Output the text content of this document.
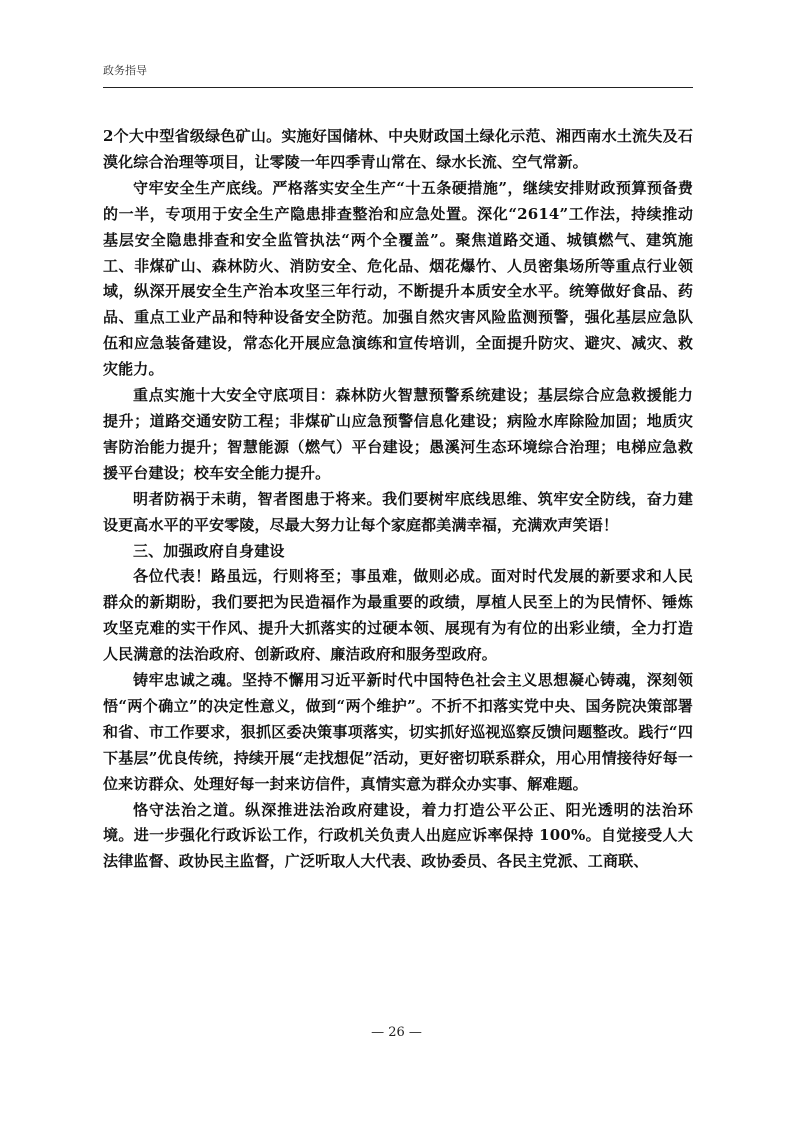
政务指导

2个大中型省级绿色矿山。实施好国储林、中央财政国土绿化示范、湘西南水土流失及石漠化综合治理等项目，让零陵一年四季青山常在、绿水长流、空气常新。

守牢安全生产底线。严格落实安全生产“十五条硬措施”，继续安排财政预算预备费的一半，专项用于安全生产隐患排查整治和应急处置。深化“2614”工作法，持续推动基层安全隐患排查和安全监管执法“两个全覆盖”。聚焦道路交通、城镇燃气、建筑施工、非煤矿山、森林防火、消防安全、危化品、烟花爆竹、人员密集场所等重点行业领域，纵深开展安全生产治本攻坚三年行动，不断提升本质安全水平。统筹做好食品、药品、重点工业产品和特种设备安全防范。加强自然灾害风险监测预警，强化基层应急队伍和应急装备建设，常态化开展应急演练和宣传培训，全面提升防灾、避灾、减灾、救灾能力。

重点实施十大安全守底项目：森林防火智慧预警系统建设；基层综合应急救援能力提升；道路交通安防工程；非煤矿山应急预警信息化建设；病险水库除险加固；地质灾害防治能力提升；智慧能源（燃气）平台建设；愚溪河生态环境综合治理；电梯应急救援平台建设；校车安全能力提升。

明者防祸于未萌，智者图患于将来。我们要树牢底线思维、筑牢安全防线，奋力建设更高水平的平安零陵，尽最大努力让每个家庭都美满幸福，充满欢声笑语！

三、加强政府自身建设

各位代表！路虽远，行则将至；事虽难，做则必成。面对时代发展的新要求和人民群众的新期盼，我们要把为民造福作为最重要的政绩，厚植人民至上的为民情怀、锤炼攻坚克难的实干作风、提升大抓落实的过硬本领、展现有为有位的出彩业绩，全力打造人民满意的法治政府、创新政府、廉洁政府和服务型政府。

铸牢忠诚之魂。坚持不懈用习近平新时代中国特色社会主义思想凝心铸魂，深刻领悟“两个确立”的决定性意义，做到“两个维护”。不折不扣落实党中央、国务院决策部署和省、市工作要求，狠抓区委决策事项落实，切实抓好巡视巡察反馈问题整改。践行“四下基层”优良传统，持续开展“走找想促”活动，更好密切联系群众，用心用情接待好每一位来访群众、处理好每一封来访信件，真情实意为群众办实事、解难题。

恪守法治之道。纵深推进法治政府建设，着力打造公平公正、阳光透明的法治环境。进一步强化行政诉讼工作，行政机关负责人出庭应诉率保持 100%。自觉接受人大法律监督、政协民主监督，广泛听取人大代表、政协委员、各民主党派、工商联、

— 26 —
